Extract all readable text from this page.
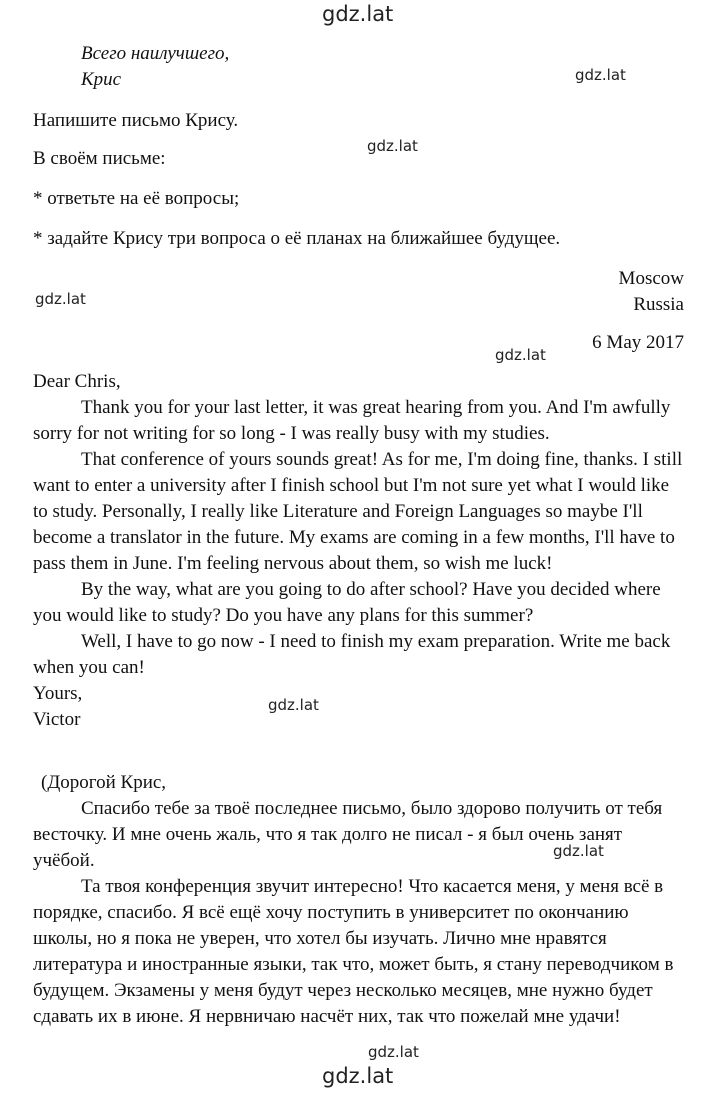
gdz.lat
gdz.lat
gdz.lat
gdz.lat
gdz.lat
gdz.lat
gdz.lat
gdz.lat
gdz.lat
Всего наилучшего,
Крис
Напишите письмо Крису.
В своём письме:
* ответьте на её вопросы;
* задайте Крису три вопроса о её планах на ближайшее будущее.
Moscow
Russia
6 May 2017

Dear Chris,

Thank you for your last letter, it was great hearing from you. And I'm awfully sorry for not writing for so long - I was really busy with my studies.

That conference of yours sounds great! As for me, I'm doing fine, thanks. I still want to enter a university after I finish school but I'm not sure yet what I would like to study. Personally, I really like Literature and Foreign Languages so maybe I'll become a translator in the future. My exams are coming in a few months, I'll have to pass them in June. I'm feeling nervous about them, so wish me luck!

By the way, what are you going to do after school? Have you decided where you would like to study? Do you have any plans for this summer?

Well, I have to go now - I need to finish my exam preparation. Write me back when you can!

Yours,

Victor

(Дорогой Крис,

Спасибо тебе за твоё последнее письмо, было здорово получить от тебя весточку. И мне очень жаль, что я так долго не писал - я был очень занят учёбой.

Та твоя конференция звучит интересно! Что касается меня, у меня всё в порядке, спасибо. Я всё ещё хочу поступить в университет по окончанию школы, но я пока не уверен, что хотел бы изучать. Лично мне нравятся литература и иностранные языки, так что, может быть, я стану переводчиком в будущем. Экзамены у меня будут через несколько месяцев, мне нужно будет сдавать их в июне. Я нервничаю насчёт них, так что пожелай мне удачи!
